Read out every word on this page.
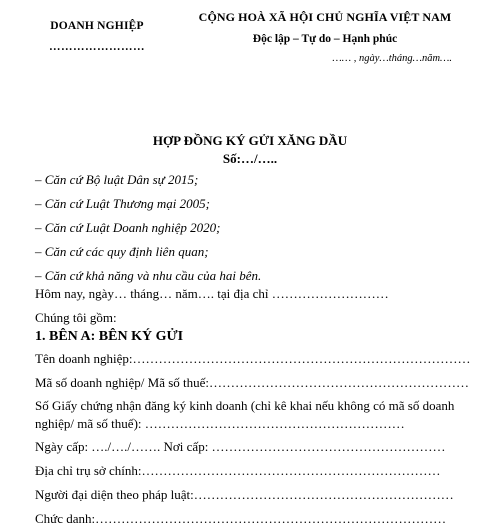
DOANH NGHIỆP
……………………
CỘNG HOÀ XÃ HỘI CHỦ NGHĨA VIỆT NAM
Độc lập – Tự do – Hạnh phúc
…… , ngày…tháng…năm….
HỢP ĐỒNG KÝ GỬI XĂNG DẦU
Số:…/…..
– Căn cứ Bộ luật Dân sự 2015;
– Căn cứ Luật Thương mại 2005;
– Căn cứ Luật Doanh nghiệp 2020;
– Căn cứ các quy định liên quan;
– Căn cứ khả năng và nhu cầu của hai bên.
Hôm nay, ngày… tháng… năm…. tại địa chỉ ………………………
Chúng tôi gồm:
1. BÊN A: BÊN KÝ GỬI
Tên doanh nghiệp:……………………………………………………………………
Mã số doanh nghiệp/ Mã số thuế:……………………………………………………
Số Giấy chứng nhận đăng ký kinh doanh (chỉ kê khai nếu không có mã số doanh nghiệp/ mã số thuế): ……………………………………………………
Ngày cấp: …./…./……. Nơi cấp: ………………………………………………
Địa chỉ trụ sở chính:……………………………………………………………
Người đại diện theo pháp luật:……………………………………………………
Chức danh:………………………………………………………………………
